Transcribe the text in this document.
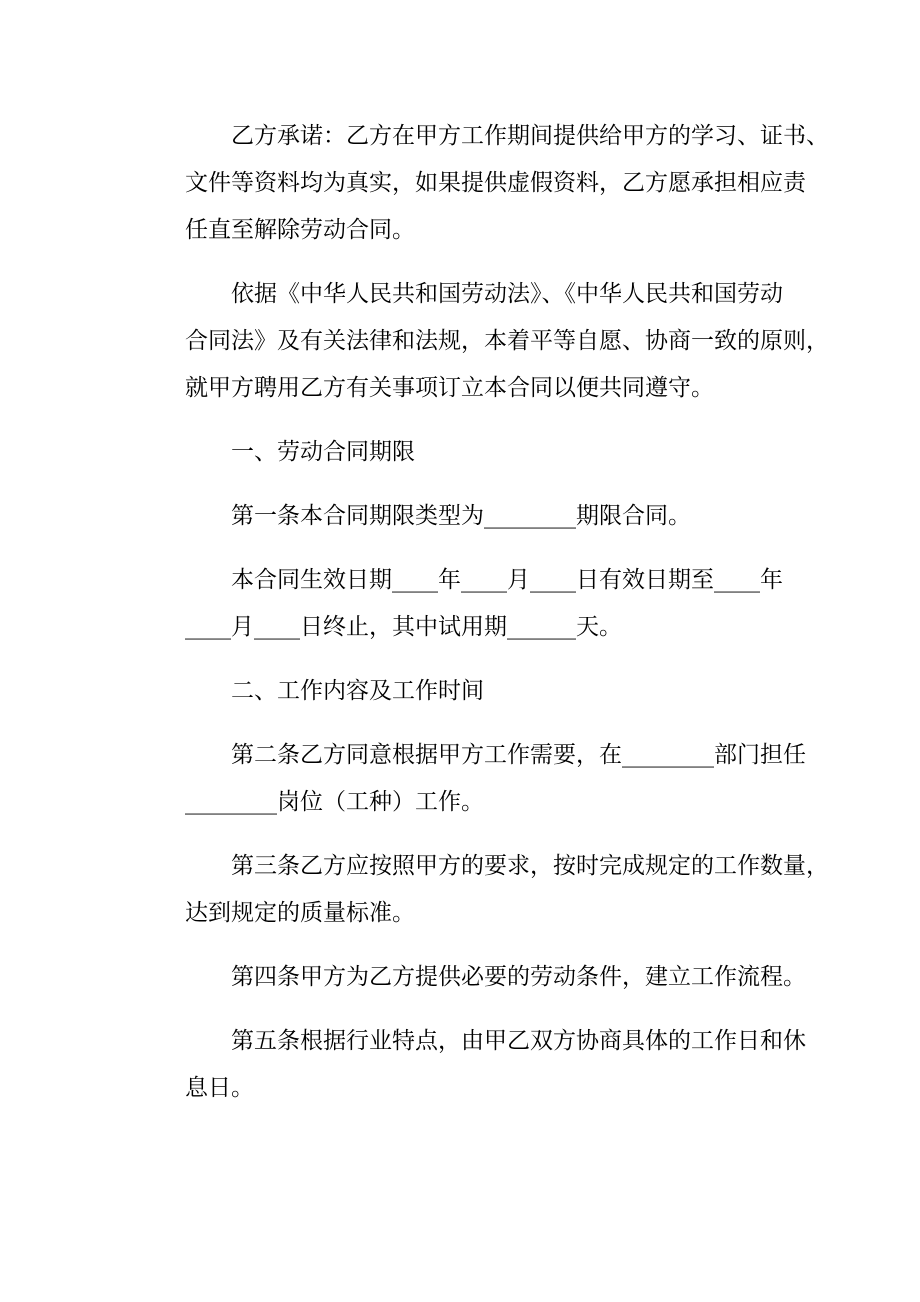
乙方承诺：乙方在甲方工作期间提供给甲方的学习、证书、
文件等资料均为真实，如果提供虚假资料，乙方愿承担相应责
任直至解除劳动合同。

依据《中华人民共和国劳动法》、《中华人民共和国劳动
合同法》及有关法律和法规，本着平等自愿、协商一致的原则，
就甲方聘用乙方有关事项订立本合同以便共同遵守。

一、劳动合同期限

第一条本合同期限类型为________期限合同。

本合同生效日期____年____月____日有效日期至____年
____月____日终止，其中试用期______天。

二、工作内容及工作时间

第二条乙方同意根据甲方工作需要，在________部门担任
________岗位（工种）工作。

第三条乙方应按照甲方的要求，按时完成规定的工作数量，
达到规定的质量标准。

第四条甲方为乙方提供必要的劳动条件，建立工作流程。

第五条根据行业特点，由甲乙双方协商具体的工作日和休
息日。
